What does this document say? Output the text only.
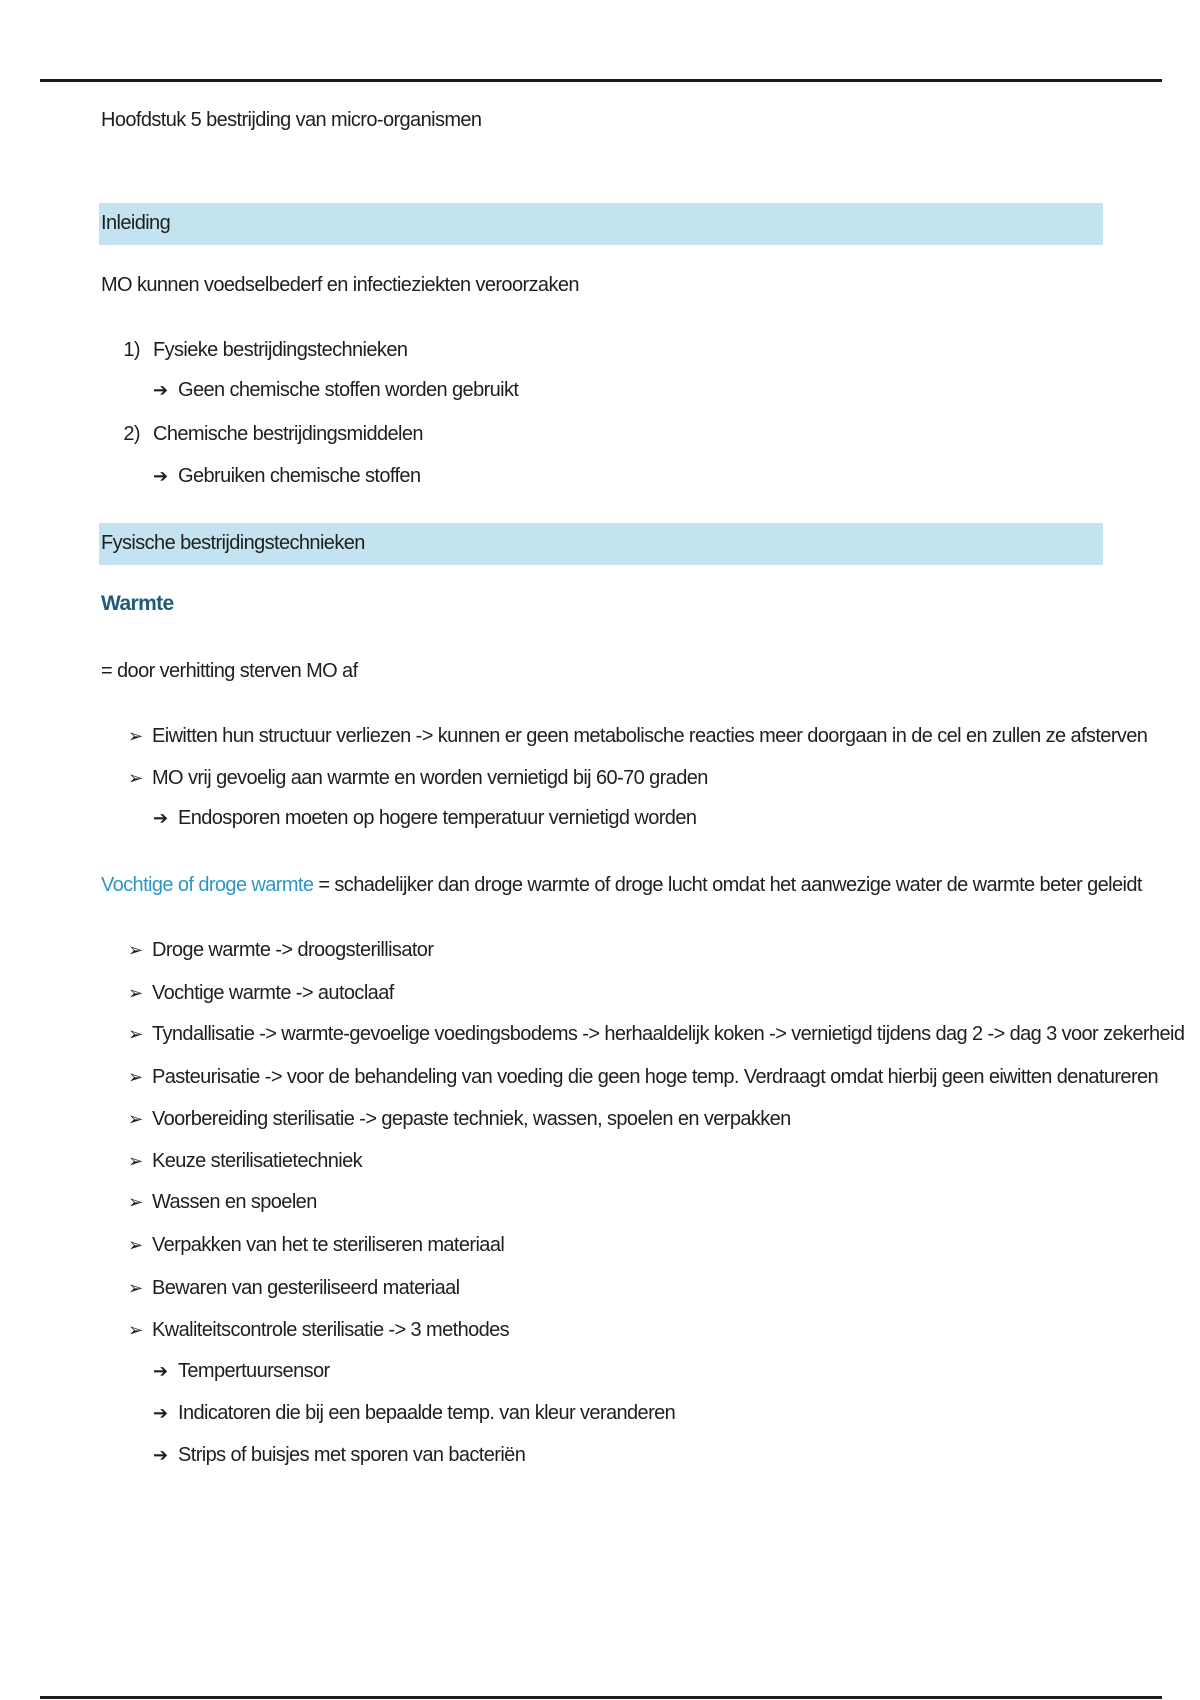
Hoofdstuk 5 bestrijding van micro-organismen
Inleiding
MO kunnen voedselbederf en infectieziekten veroorzaken
1) Fysieke bestrijdingstechnieken
➔ Geen chemische stoffen worden gebruikt
2) Chemische bestrijdingsmiddelen
➔ Gebruiken chemische stoffen
Fysische bestrijdingstechnieken
Warmte
= door verhitting sterven MO af
➢ Eiwitten hun structuur verliezen -> kunnen er geen metabolische reacties meer doorgaan in de cel en zullen ze afsterven
➢ MO vrij gevoelig aan warmte en worden vernietigd bij 60-70 graden
➔ Endosporen moeten op hogere temperatuur vernietigd worden
Vochtige of droge warmte = schadelijker dan droge warmte of droge lucht omdat het aanwezige water de warmte beter geleidt
➢ Droge warmte -> droogsterillisator
➢ Vochtige warmte -> autoclaaf
➢ Tyndallisatie -> warmte-gevoelige voedingsbodems -> herhaaldelijk koken -> vernietigd tijdens dag 2 -> dag 3 voor zekerheid
➢ Pasteurisatie -> voor de behandeling van voeding die geen hoge temp. Verdraagt omdat hierbij geen eiwitten denatureren
➢ Voorbereiding sterilisatie -> gepaste techniek, wassen, spoelen en verpakken
➢ Keuze sterilisatietechniek
➢ Wassen en spoelen
➢ Verpakken van het te steriliseren materiaal
➢ Bewaren van gesteriliseerd materiaal
➢ Kwaliteitscontrole sterilisatie -> 3 methodes
➔ Tempertuursensor
➔ Indicatoren die bij een bepaalde temp. van kleur veranderen
➔ Strips of buisjes met sporen van bacteriën
